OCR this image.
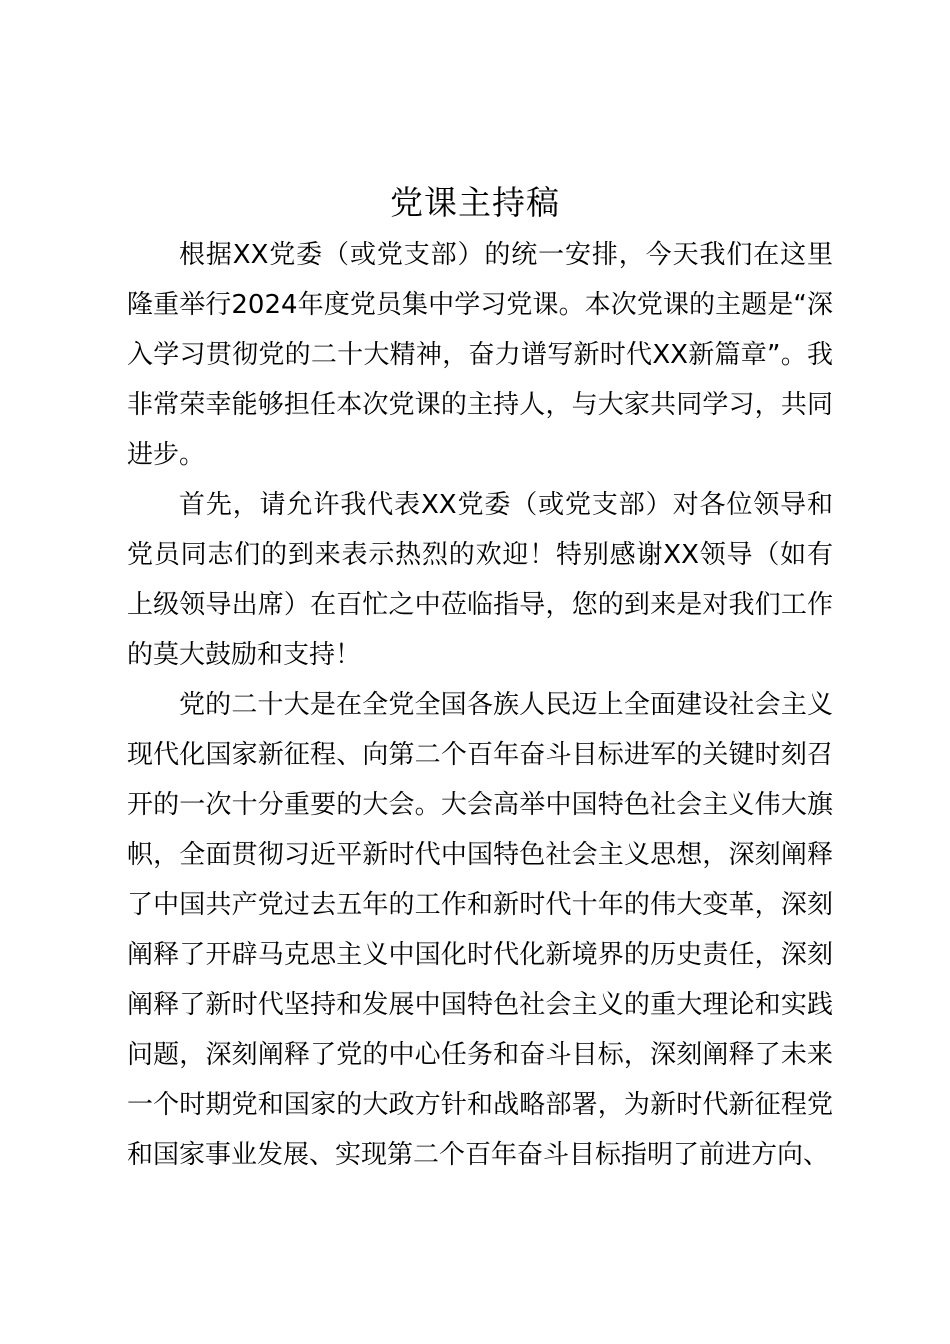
党课主持稿

根据XX党委（或党支部）的统一安排，今天我们在这里隆重举行2024年度党员集中学习党课。本次党课的主题是“深入学习贯彻党的二十大精神，奋力谱写新时代XX新篇章”。我非常荣幸能够担任本次党课的主持人，与大家共同学习，共同进步。

首先，请允许我代表XX党委（或党支部）对各位领导和党员同志们的到来表示热烈的欢迎！特别感谢XX领导（如有上级领导出席）在百忙之中莅临指导，您的到来是对我们工作的莫大鼓励和支持！

党的二十大是在全党全国各族人民迈上全面建设社会主义现代化国家新征程、向第二个百年奋斗目标进军的关键时刻召开的一次十分重要的大会。大会高举中国特色社会主义伟大旗帜，全面贯彻习近平新时代中国特色社会主义思想，深刻阐释了中国共产党过去五年的工作和新时代十年的伟大变革，深刻阐释了开辟马克思主义中国化时代化新境界的历史责任，深刻阐释了新时代坚持和发展中国特色社会主义的重大理论和实践问题，深刻阐释了党的中心任务和奋斗目标，深刻阐释了未来一个时期党和国家的大政方针和战略部署，为新时代新征程党和国家事业发展、实现第二个百年奋斗目标指明了前进方向、
